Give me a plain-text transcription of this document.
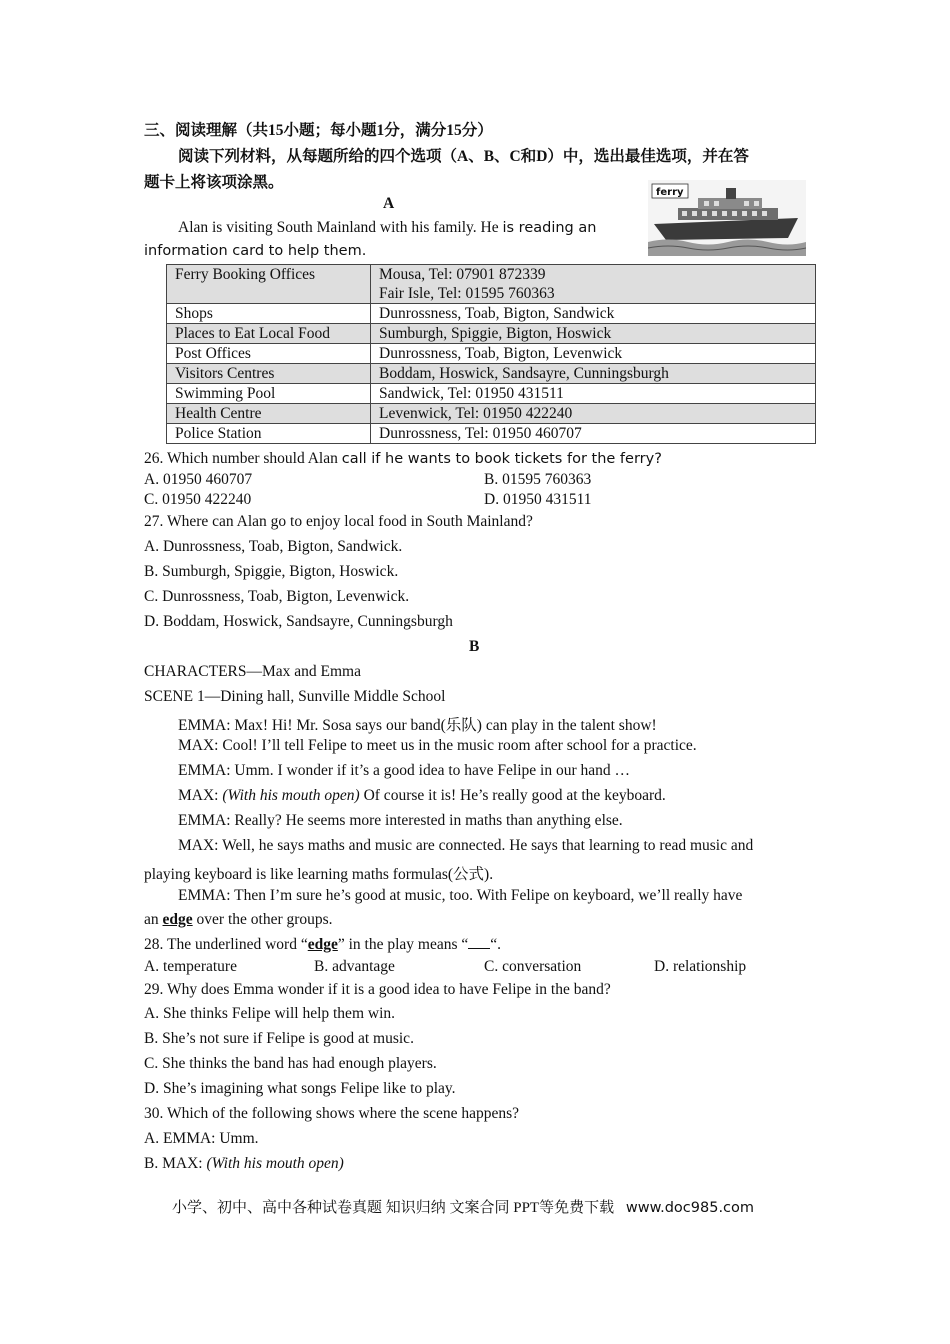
三、阅读理解（共15小题；每小题1分，满分15分）
阅读下列材料，从每题所给的四个选项（A、B、C和D）中，选出最佳选项，并在答
题卡上将该项涂黑。
A
Alan is visiting South Mainland with his family. He is reading an
information card to help them.
ferry
Ferry Booking Offices	Mousa, Tel: 07901 872339
Fair Isle, Tel: 01595 760363

Shops	Dunrossness, Toab, Bigton, Sandwick
Places to Eat Local Food	Sumburgh, Spiggie, Bigton, Hoswick
Post Offices	Dunrossness, Toab, Bigton, Levenwick
Visitors Centres	Boddam, Hoswick, Sandsayre, Cunningsburgh
Swimming Pool	Sandwick, Tel: 01950 431511
Health Centre	Levenwick, Tel: 01950 422240
Police Station	Dunrossness, Tel: 01950 460707
26. Which number should Alan call if he wants to book tickets for the ferry?
A. 01950 460707	B. 01595 760363
C. 01950 422240	D. 01950 431511
27. Where can Alan go to enjoy local food in South Mainland?
A. Dunrossness, Toab, Bigton, Sandwick.
B. Sumburgh, Spiggie, Bigton, Hoswick.
C. Dunrossness, Toab, Bigton, Levenwick.
D. Boddam, Hoswick, Sandsayre, Cunningsburgh
B
CHARACTERS—Max and Emma
SCENE 1—Dining hall, Sunville Middle School
EMMA: Max! Hi! Mr. Sosa says our band(乐队) can play in the talent show!
MAX: Cool! I’ll tell Felipe to meet us in the music room after school for a practice.
EMMA: Umm. I wonder if it’s a good idea to have Felipe in our hand …
MAX: (With his mouth open) Of course it is! He’s really good at the keyboard.
EMMA: Really? He seems more interested in maths than anything else.
MAX: Well, he says maths and music are connected. He says that learning to read music and
playing keyboard is like learning maths formulas(公式).
EMMA: Then I’m sure he’s good at music, too. With Felipe on keyboard, we’ll really have
an edge over the other groups.
28. The underlined word “edge” in the play means “ “.
A. temperature	B. advantage	C. conversation	D. relationship
29. Why does Emma wonder if it is a good idea to have Felipe in the band?
A. She thinks Felipe will help them win.
B. She’s not sure if Felipe is good at music.
C. She thinks the band has had enough players.
D. She’s imagining what songs Felipe like to play.
30. Which of the following shows where the scene happens?
A. EMMA: Umm.
B. MAX: (With his mouth open)
小学、初中、高中各种试卷真题 知识归纳 文案合同 PPT等免费下载 www.doc985.com
